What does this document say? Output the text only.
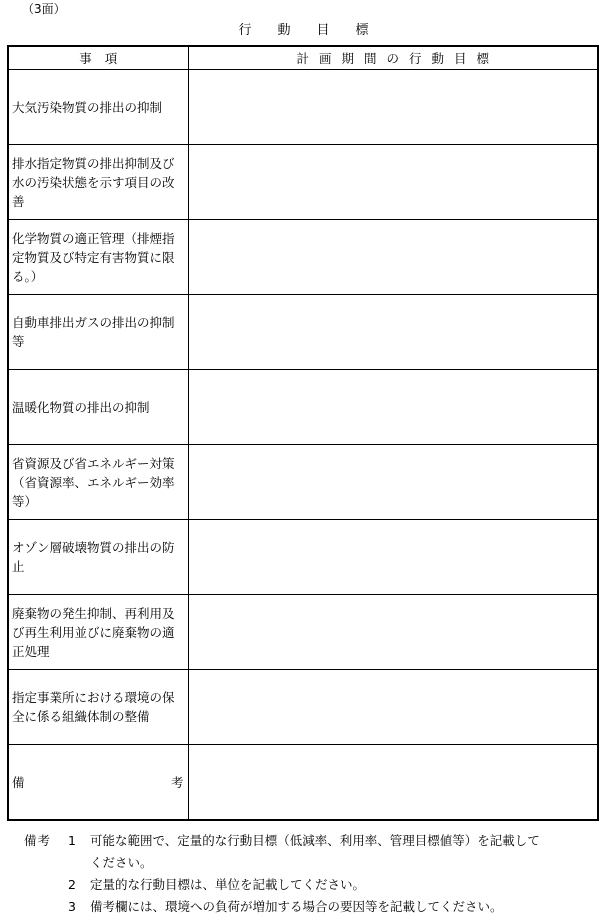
（3面）
行動目標
事項	計画期間の行動目標
大気汚染物質の排出の抑制	
排水指定物質の排出抑制及び水の汚染状態を示す項目の改善	
化学物質の適正管理（排煙指定物質及び特定有害物質に限る。）	
自動車排出ガスの排出の抑制等	
温暖化物質の排出の抑制	
省資源及び省エネルギー対策（省資源率、エネルギー効率等）	
オゾン層破壊物質の排出の防止	
廃棄物の発生抑制、再利用及び再生利用並びに廃棄物の適正処理	
指定事業所における環境の保全に係る組織体制の整備	

備 考	

備考	1	可能な範囲で、定量的な行動目標（低減率、利用率、管理目標値等）を記載して
ください。
2	定量的な行動目標は、単位を記載してください。
3	備考欄には、環境への負荷が増加する場合の要因等を記載してください。
